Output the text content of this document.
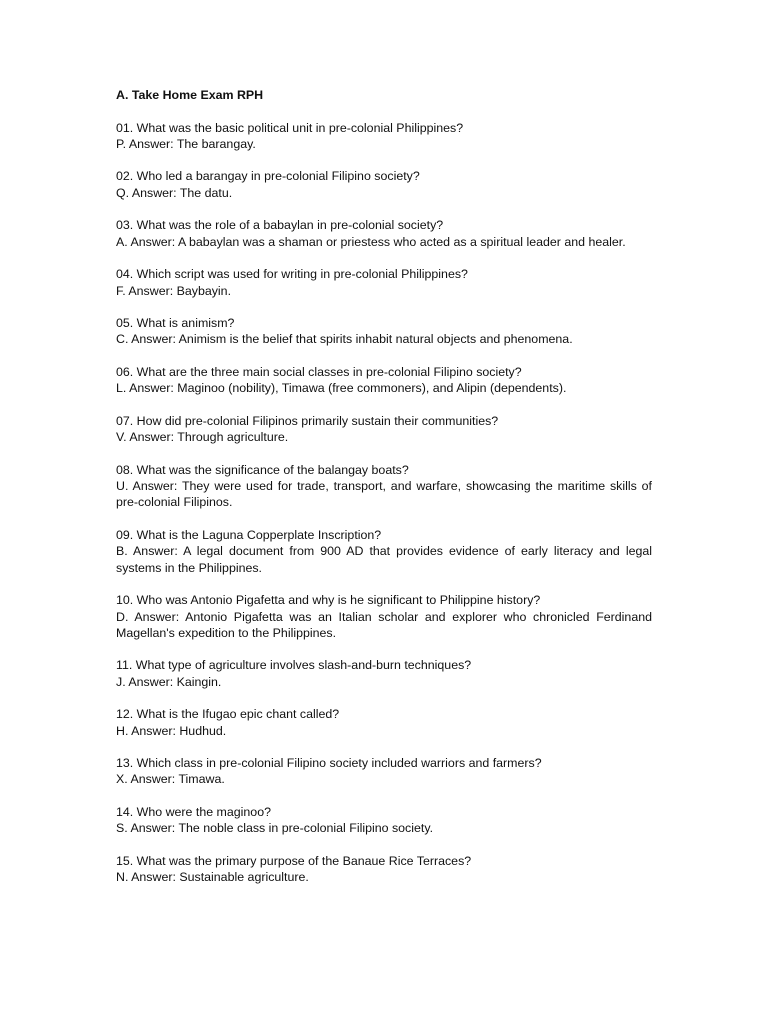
A. Take Home Exam RPH
01. What was the basic political unit in pre-colonial Philippines?
P. Answer: The barangay.
02. Who led a barangay in pre-colonial Filipino society?
Q. Answer: The datu.
03. What was the role of a babaylan in pre-colonial society?
A. Answer: A babaylan was a shaman or priestess who acted as a spiritual leader and healer.
04. Which script was used for writing in pre-colonial Philippines?
F. Answer: Baybayin.
05. What is animism?
C. Answer: Animism is the belief that spirits inhabit natural objects and phenomena.
06. What are the three main social classes in pre-colonial Filipino society?
L. Answer: Maginoo (nobility), Timawa (free commoners), and Alipin (dependents).
07. How did pre-colonial Filipinos primarily sustain their communities?
V. Answer: Through agriculture.
08. What was the significance of the balangay boats?
U. Answer: They were used for trade, transport, and warfare, showcasing the maritime skills of pre-colonial Filipinos.
09. What is the Laguna Copperplate Inscription?
B. Answer: A legal document from 900 AD that provides evidence of early literacy and legal systems in the Philippines.
10. Who was Antonio Pigafetta and why is he significant to Philippine history?
D. Answer: Antonio Pigafetta was an Italian scholar and explorer who chronicled Ferdinand Magellan's expedition to the Philippines.
11. What type of agriculture involves slash-and-burn techniques?
J. Answer: Kaingin.
12. What is the Ifugao epic chant called?
H. Answer: Hudhud.
13. Which class in pre-colonial Filipino society included warriors and farmers?
X. Answer: Timawa.
14. Who were the maginoo?
S. Answer: The noble class in pre-colonial Filipino society.
15. What was the primary purpose of the Banaue Rice Terraces?
N. Answer: Sustainable agriculture.
